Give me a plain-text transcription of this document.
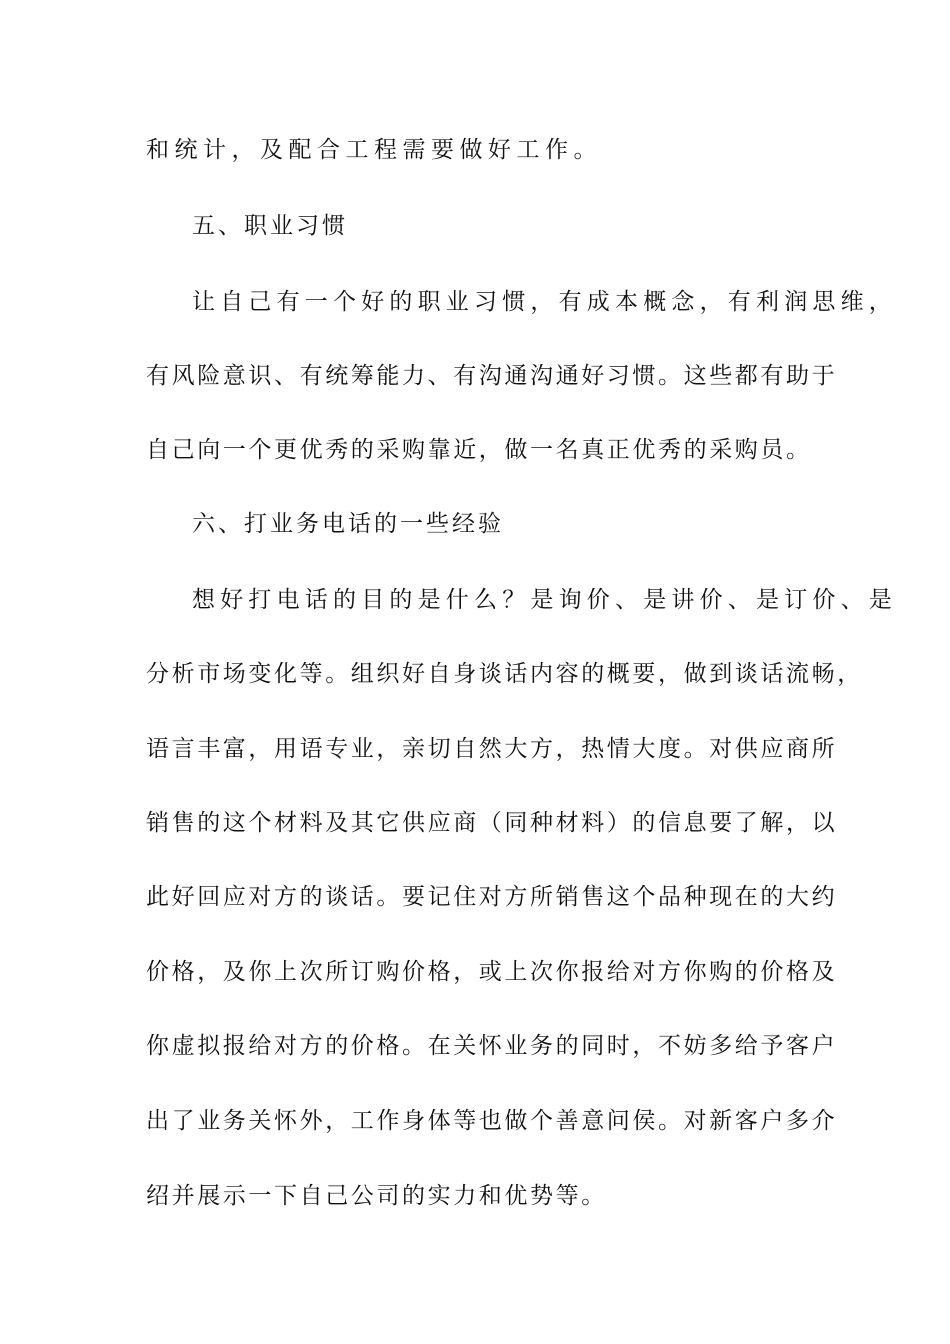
和统计，及配合工程需要做好工作。
五、职业习惯
让自己有一个好的职业习惯，有成本概念，有利润思维，
有风险意识、有统筹能力、有沟通沟通好习惯。这些都有助于
自己向一个更优秀的采购靠近，做一名真正优秀的采购员。
六、打业务电话的一些经验
想好打电话的目的是什么？是询价、是讲价、是订价、是
分析市场变化等。组织好自身谈话内容的概要，做到谈话流畅，
语言丰富，用语专业，亲切自然大方，热情大度。对供应商所
销售的这个材料及其它供应商（同种材料）的信息要了解，以
此好回应对方的谈话。要记住对方所销售这个品种现在的大约
价格，及你上次所订购价格，或上次你报给对方你购的价格及
你虚拟报给对方的价格。在关怀业务的同时，不妨多给予客户
出了业务关怀外，工作身体等也做个善意问侯。对新客户多介
绍并展示一下自己公司的实力和优势等。
